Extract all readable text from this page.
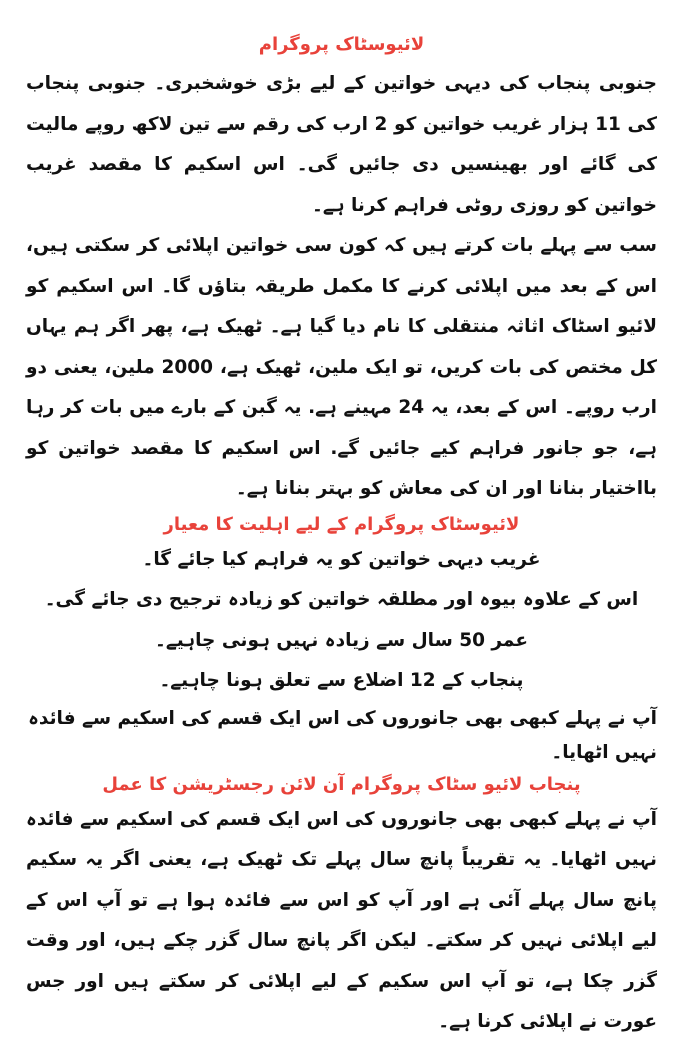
لائیوسٹاک پروگرام

جنوبی پنجاب کی دیہی خواتین کے لیے بڑی خوشخبری۔ جنوبی پنجاب کی 11 ہزار غریب خواتین کو 2 ارب کی رقم سے تین لاکھ روپے مالیت کی گائے اور بھینسیں دی جائیں گی۔ اس اسکیم کا مقصد غریب خواتین کو روزی روٹی فراہم کرنا ہے۔

سب سے پہلے بات کرتے ہیں کہ کون سی خواتین اپلائی کر سکتی ہیں، اس کے بعد میں اپلائی کرنے کا مکمل طریقہ بتاؤں گا۔ اس اسکیم کو لائیو اسٹاک اثاثہ منتقلی کا نام دیا گیا ہے۔ ٹھیک ہے، پھر اگر ہم یہاں کل مختص کی بات کریں، تو ایک ملین، ٹھیک ہے، 2000 ملین، یعنی دو ارب روپے۔ اس کے بعد، یہ 24 مہینے ہے. یہ گبن کے بارے میں بات کر رہا ہے، جو جانور فراہم کیے جائیں گے. اس اسکیم کا مقصد خواتین کو بااختیار بنانا اور ان کی معاش کو بہتر بنانا ہے۔

لائیوسٹاک پروگرام کے لیے اہلیت کا معیار
غریب دیہی خواتین کو یہ فراہم کیا جائے گا۔
اس کے علاوہ بیوہ اور مطلقہ خواتین کو زیادہ ترجیح دی جائے گی۔
عمر 50 سال سے زیادہ نہیں ہونی چاہیے۔
پنجاب کے 12 اضلاع سے تعلق ہونا چاہیے۔

آپ نے پہلے کبھی بھی جانوروں کی اس ایک قسم کی اسکیم سے فائدہ نہیں اٹھایا۔

پنجاب لائیو سٹاک پروگرام آن لائن رجسٹریشن کا عمل

آپ نے پہلے کبھی بھی جانوروں کی اس ایک قسم کی اسکیم سے فائدہ نہیں اٹھایا۔ یہ تقریباً پانچ سال پہلے تک ٹھیک ہے، یعنی اگر یہ سکیم پانچ سال پہلے آئی ہے اور آپ کو اس سے فائدہ ہوا ہے تو آپ اس کے لیے اپلائی نہیں کر سکتے۔ لیکن اگر پانچ سال گزر چکے ہیں، اور وقت گزر چکا ہے، تو آپ اس سکیم کے لیے اپلائی کر سکتے ہیں اور جس عورت نے اپلائی کرنا ہے۔
